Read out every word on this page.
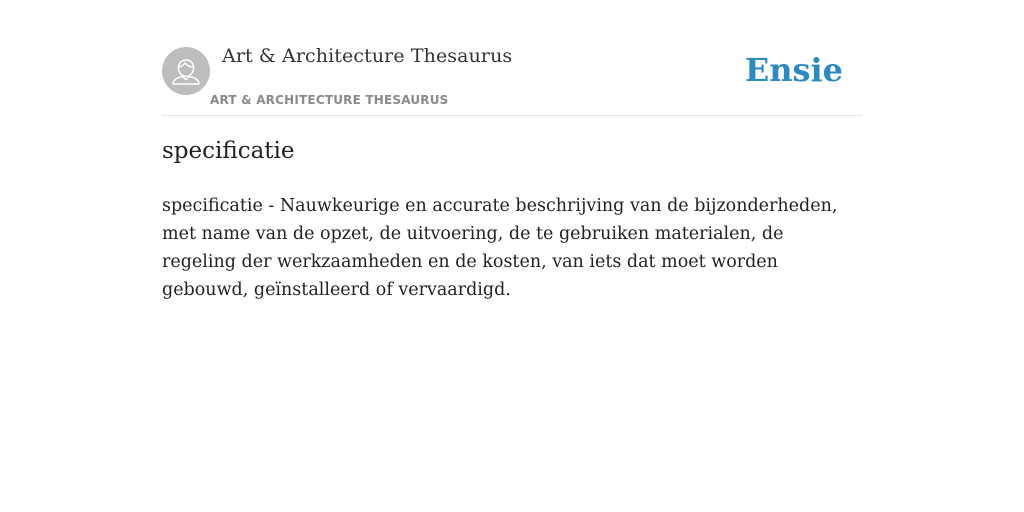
Art & Architecture Thesaurus
ART & ARCHITECTURE THESAURUS
Ensie
specificatie

specificatie - Nauwkeurige en accurate beschrijving van de bijzonderheden, met name van de opzet, de uitvoering, de te gebruiken materialen, de regeling der werkzaamheden en de kosten, van iets dat moet worden gebouwd, geïnstalleerd of vervaardigd.
